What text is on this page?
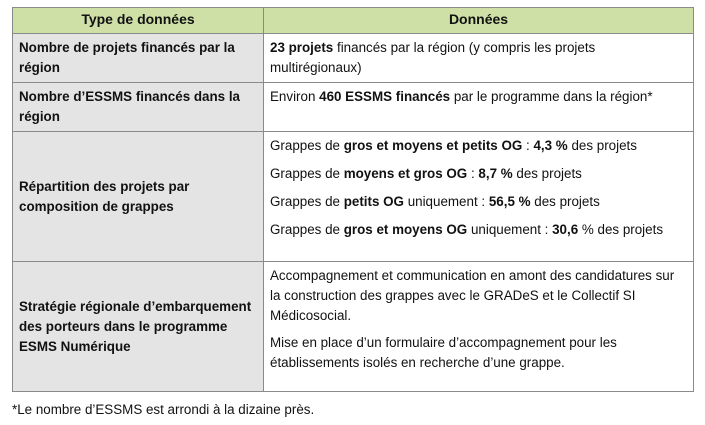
Type de données	Données
Nombre de projets financés par la région	23 projets financés par la région (y compris les projets multirégionaux)
Nombre d’ESSMS financés dans la région	Environ 460 ESSMS financés par le programme dans la région*
Répartition des projets par composition de grappes	Grappes de gros et moyens et petits OG : 4,3 % des projets

Grappes de moyens et gros OG : 8,7 % des projets

Grappes de petits OG uniquement : 56,5 % des projets

Grappes de gros et moyens OG uniquement : 30,6 % des projets

Stratégie régionale d’embarquement des porteurs dans le programme ESMS Numérique	Accompagnement et communication en amont des candidatures sur la construction des grappes avec le GRADeS et le Collectif SI Médicosocial.

Mise en place d’un formulaire d’accompagnement pour les établissements isolés en recherche d’une grappe.

*Le nombre d’ESSMS est arrondi à la dizaine près.
